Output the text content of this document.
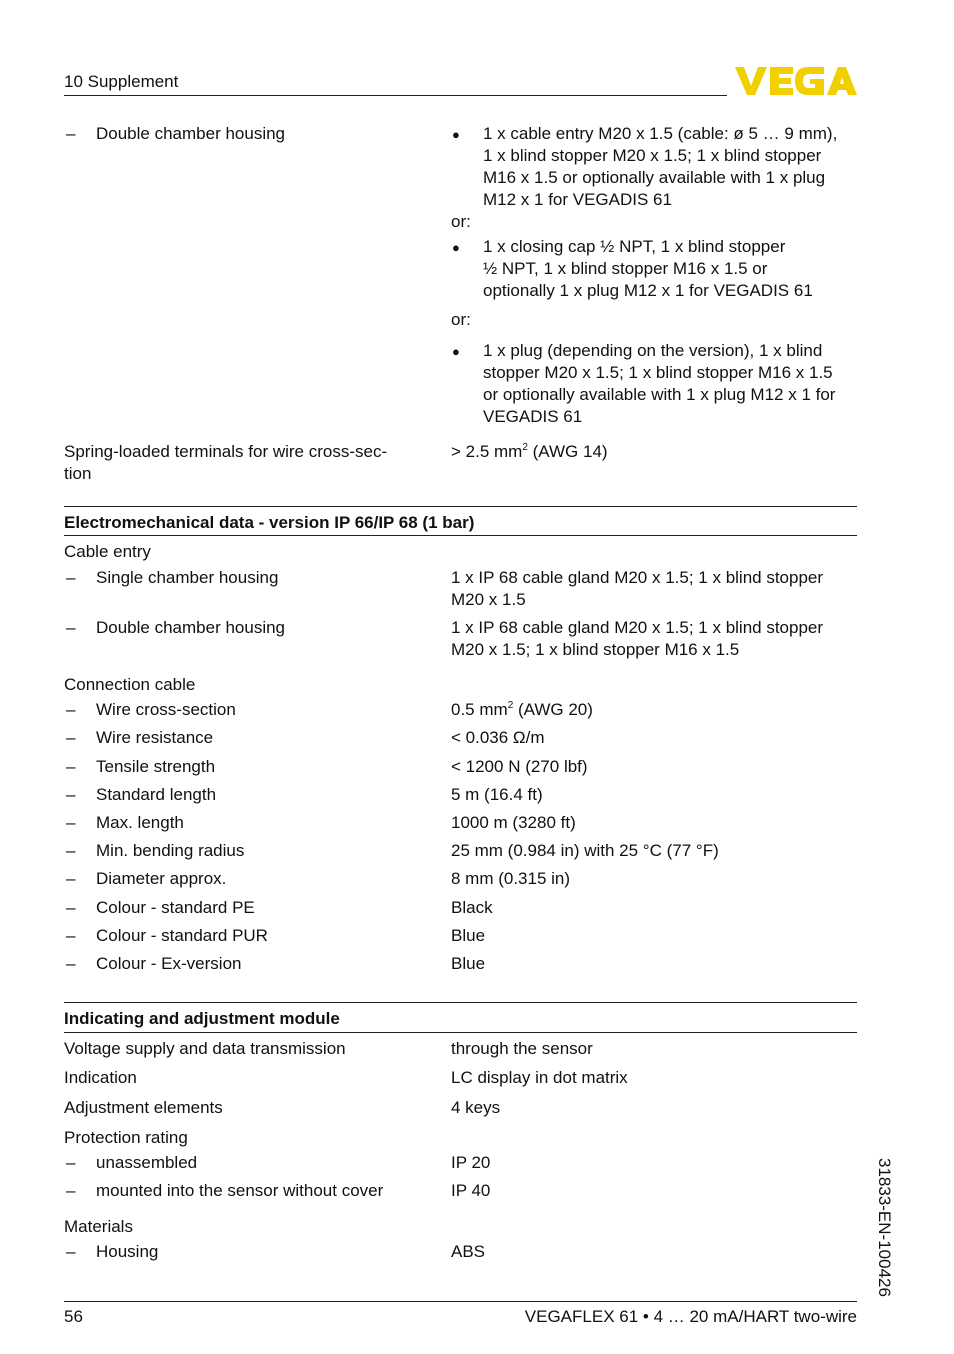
10 Supplement
– Double chamber housing	● 1 x cable entry M20 x 1.5 (cable: ø 5 … 9 mm),
1 x blind stopper M20 x 1.5; 1 x blind stopper
M16 x 1.5 or optionally available with 1 x plug
M12 x 1 for VEGADIS 61
or:
● 1 x closing cap ½ NPT, 1 x blind stopper
½ NPT, 1 x blind stopper M16 x 1.5 or
optionally 1 x plug M12 x 1 for VEGADIS 61
or:
● 1 x plug (depending on the version), 1 x blind
stopper M20 x 1.5; 1 x blind stopper M16 x 1.5
or optionally available with 1 x plug M12 x 1 for
VEGADIS 61
Spring-loaded terminals for wire cross-sec-
tion
> 2.5 $mm^2$ (AWG 14)
Electromechanical data - version IP 66/IP 68 (1 bar)
Cable entry
– Single chamber housing	1 x IP 68 cable gland M20 x 1.5; 1 x blind stopper
M20 x 1.5
– Double chamber housing	1 x IP 68 cable gland M20 x 1.5; 1 x blind stopper
M20 x 1.5; 1 x blind stopper M16 x 1.5
Connection cable
– Wire cross-section	0.5 $mm^2$ (AWG 20)
– Wire resistance	< 0.036 Ω/m
– Tensile strength	< 1200 N (270 lbf)
– Standard length	5 m (16.4 ft)
– Max. length	1000 m (3280 ft)
– Min. bending radius	25 mm (0.984 in) with 25 °C (77 °F)
– Diameter approx.	8 mm (0.315 in)
– Colour - standard PE	Black
– Colour - standard PUR	Blue
– Colour - Ex-version	Blue
Indicating and adjustment module
Voltage supply and data transmission	through the sensor
Indication	LC display in dot matrix
Adjustment elements	4 keys
Protection rating
– unassembled	IP 20
– mounted into the sensor without cover	IP 40
Materials
– Housing	ABS	31833-EN-100426
56	VEGAFLEX 61 • 4 … 20 mA/HART two-wire
